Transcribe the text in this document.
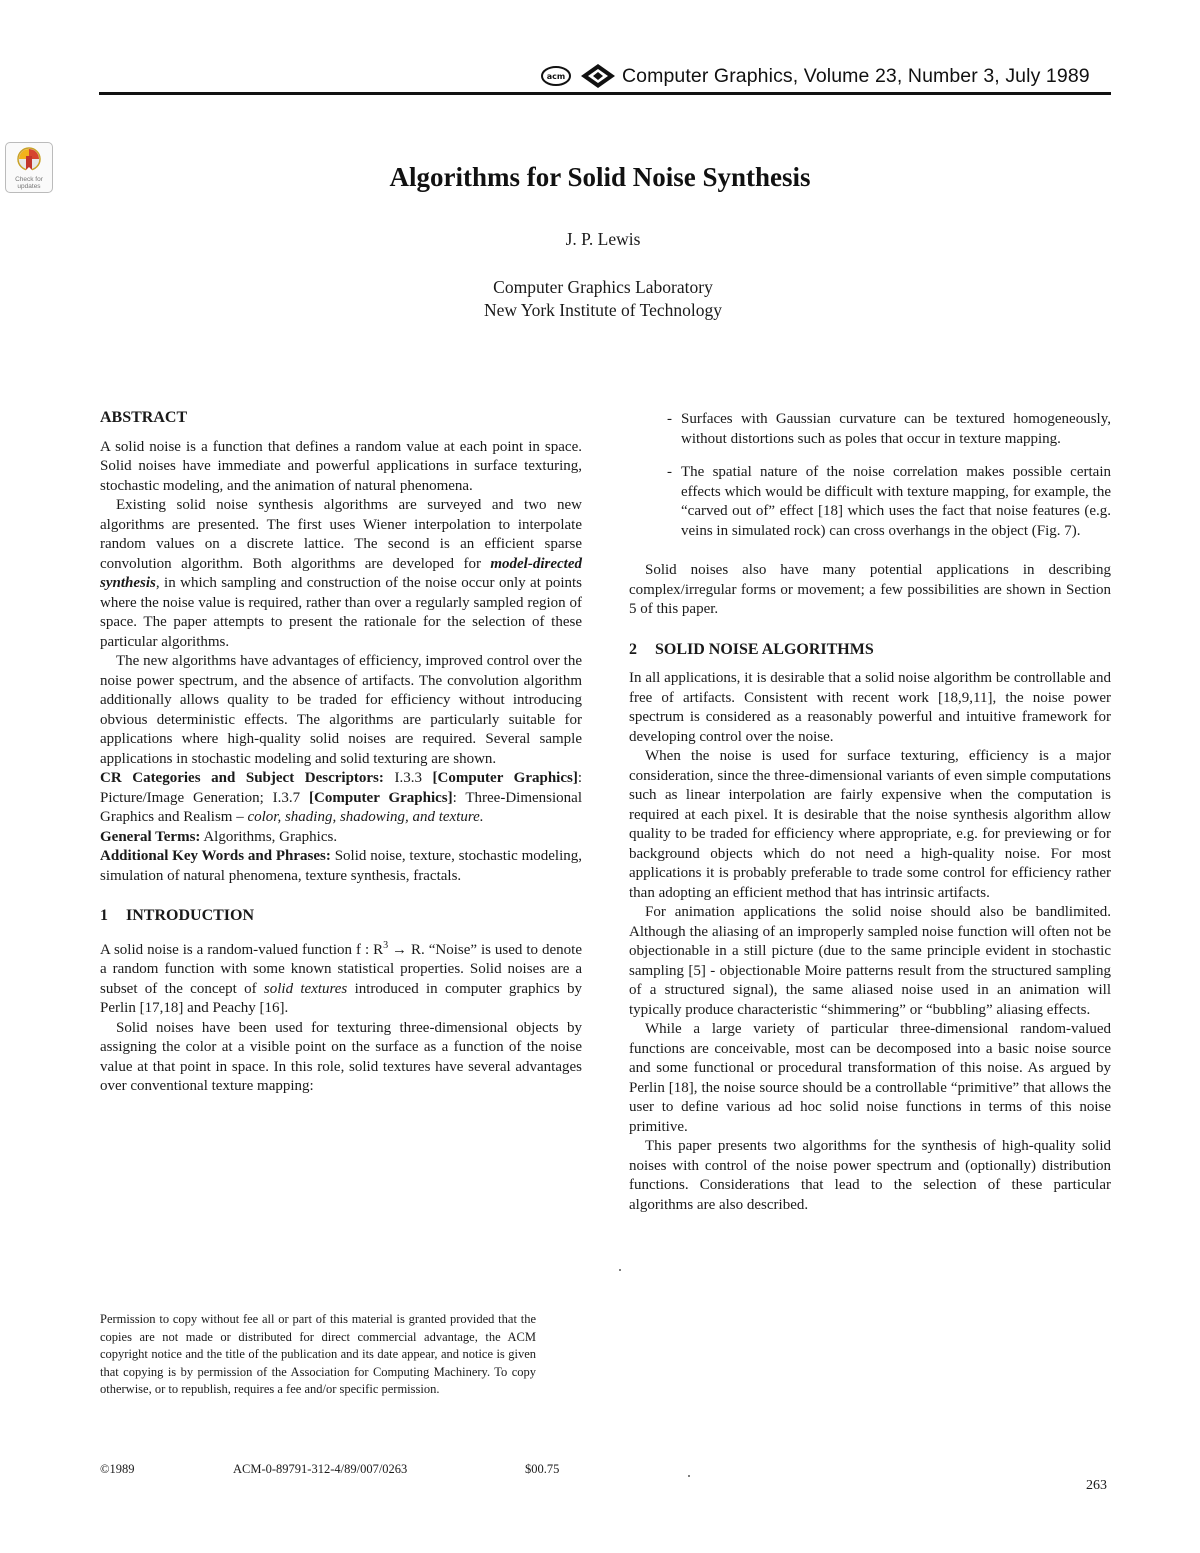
acm	Computer Graphics, Volume 23, Number 3, July 1989
Check for updates	Algorithms for Solid Noise Synthesis
J. P. Lewis
Computer Graphics Laboratory
New York Institute of Technology
ABSTRACT

A solid noise is a function that defines a random value at each point in space. Solid noises have immediate and powerful applications in surface texturing, stochastic modeling, and the animation of natural phenomena.

Existing solid noise synthesis algorithms are surveyed and two new algorithms are presented. The first uses Wiener interpolation to interpolate random values on a discrete lattice. The second is an efficient sparse convolution algorithm. Both algorithms are developed for model-directed synthesis, in which sampling and construction of the noise occur only at points where the noise value is required, rather than over a regularly sampled region of space. The paper attempts to present the rationale for the selection of these particular algorithms.

The new algorithms have advantages of efficiency, improved control over the noise power spectrum, and the absence of artifacts. The convolution algorithm additionally allows quality to be traded for efficiency without introducing obvious deterministic effects. The algorithms are particularly suitable for applications where high-quality solid noises are required. Several sample applications in stochastic modeling and solid texturing are shown.

CR Categories and Subject Descriptors: I.3.3 [Computer Graphics]: Picture/Image Generation; I.3.7 [Computer Graphics]: Three-Dimensional Graphics and Realism – color, shading, shadowing, and texture.

General Terms: Algorithms, Graphics.

Additional Key Words and Phrases: Solid noise, texture, stochastic modeling, simulation of natural phenomena, texture synthesis, fractals.

1 INTRODUCTION

A solid noise is a random-valued function f : $R^3 \to R$. “Noise” is used to denote a random function with some known statistical properties. Solid noises are a subset of the concept of solid textures introduced in computer graphics by Perlin [17,18] and Peachy [16].

Solid noises have been used for texturing three-dimensional objects by assigning the color at a visible point on the surface as a function of the noise value at that point in space. In this role, solid textures have several advantages over conventional texture mapping:

Permission to copy without fee all or part of this material is granted provided that the copies are not made or distributed for direct commercial advantage, the ACM copyright notice and the title of the publication and its date appear, and notice is given that copying is by permission of the Association for Computing Machinery. To copy otherwise, or to republish, requires a fee and/or specific permission.
©1989	ACM-0-89791-312-4/89/007/0263	$00.75
263
- Surfaces with Gaussian curvature can be textured homogeneously, without distortions such as poles that occur in texture mapping.

- The spatial nature of the noise correlation makes possible certain effects which would be difficult with texture mapping, for example, the “carved out of” effect [18] which uses the fact that noise features (e.g. veins in simulated rock) can cross overhangs in the object (Fig. 7).

Solid noises also have many potential applications in describing complex/irregular forms or movement; a few possibilities are shown in Section 5 of this paper.

2 SOLID NOISE ALGORITHMS

In all applications, it is desirable that a solid noise algorithm be controllable and free of artifacts. Consistent with recent work [18,9,11], the noise power spectrum is considered as a reasonably powerful and intuitive framework for developing control over the noise.

When the noise is used for surface texturing, efficiency is a major consideration, since the three-dimensional variants of even simple computations such as linear interpolation are fairly expensive when the computation is required at each pixel. It is desirable that the noise synthesis algorithm allow quality to be traded for efficiency where appropriate, e.g. for previewing or for background objects which do not need a high-quality noise. For most applications it is probably preferable to trade some control for efficiency rather than adopting an efficient method that has intrinsic artifacts.

For animation applications the solid noise should also be bandlimited. Although the aliasing of an improperly sampled noise function will often not be objectionable in a still picture (due to the same principle evident in stochastic sampling [5] - objectionable Moire patterns result from the structured sampling of a structured signal), the same aliased noise used in an animation will typically produce characteristic “shimmering” or “bubbling” aliasing effects.

While a large variety of particular three-dimensional random-valued functions are conceivable, most can be decomposed into a basic noise source and some functional or procedural transformation of this noise. As argued by Perlin [18], the noise source should be a controllable “primitive” that allows the user to define various ad hoc solid noise functions in terms of this noise primitive.

This paper presents two algorithms for the synthesis of high-quality solid noises with control of the noise power spectrum and (optionally) distribution functions. Considerations that lead to the selection of these particular algorithms are also described.
